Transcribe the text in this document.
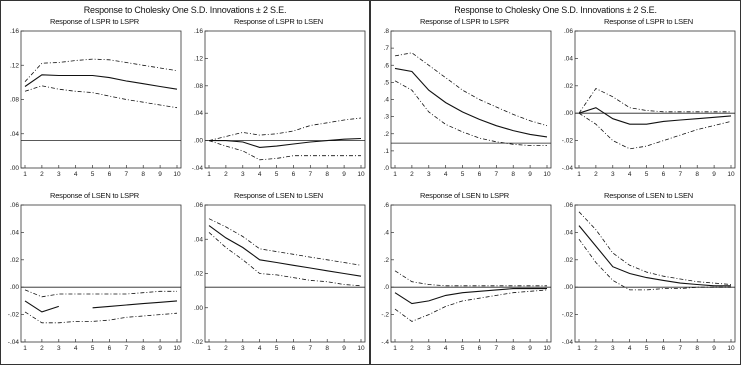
Response to Cholesky One S.D. Innovations ± 2 S.E.
Response of LSPR to LSPR
.00
.04
.08
.12
.16
1 2 3 4 5 6 7 8 9 10
Response of LSPR to LSEN
-.04
.00
.04
.08
.12
.16
1 2 3 4 5 6 7 8 9 10
Response of LSEN to LSPR
-.04
-.02
.00
.02
.04
.06
1 2 3 4 5 6 7 8 9 10
Response of LSEN to LSEN
-.02
.00
.02
.04
.06
1 2 3 4 5 6 7 8 9 10
Response to Cholesky One S.D. Innovations ± 2 S.E.
Response of LSPR to LSPR
.0
.1
.2
.3
.4
.5
.6
.7
.8
1 2 3 4 5 6 7 8 9 10
Response of LSPR to LSEN
-.04
-.02
.00
.02
.04
.06
1 2 3 4 5 6 7 8 9 10
Response of LSEN to LSPR
-.4
-.2
.0
.2
.4
.6
1 2 3 4 5 6 7 8 9 10
Response of LSEN to LSEN
-.04
-.02
.00
.02
.04
.06
1 2 3 4 5 6 7 8 9 10
